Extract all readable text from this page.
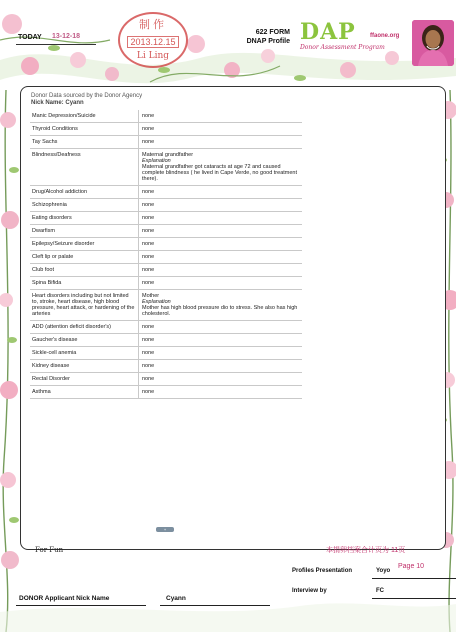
TODAY 13-12-18
制作
2013.12.15
Li Ling
622 FORM
DNAP Profile DAP	ffaone.org
Donor Assessment Program
Donor Data sourced by the Donor Agency
Nick Name: Cyann
Manic Depression/Suicide	none

Thyroid Conditions	none

Tay Sachs	none

Blindness/Deafness	Maternal grandfather
Explanation
Maternal grandfather got cataracts at age 72 and caused complete blindness ( he lived in Cape Verde, no good treatment there).

Drug/Alcohol addiction	none

Schizophrenia	none

Eating disorders	none

Dwarfism	none

Epilepsy/Seizure disorder	none

Cleft lip or palate	none

Club foot	none

Spina Bifida	none

Heart disorders including but not limited to, stroke, heart disease, high blood pressure, heart attack, or hardening of the arteries	Mother
Explanation
Mother has high blood pressure dio to stress. She also has high cholesterol.

ADD (attention deficit disorder's)	none

Gaucher's disease	none

Sickle-cell anemia	none

Kidney disease	none

Rectal Disorder	none

Asthma	none
+
For Fun	本捐卵档案合计页为 11页
Profiles Presentation	Yoyo
Page 10
Interview by	FC
DONOR Applicant Nick Name	Cyann
